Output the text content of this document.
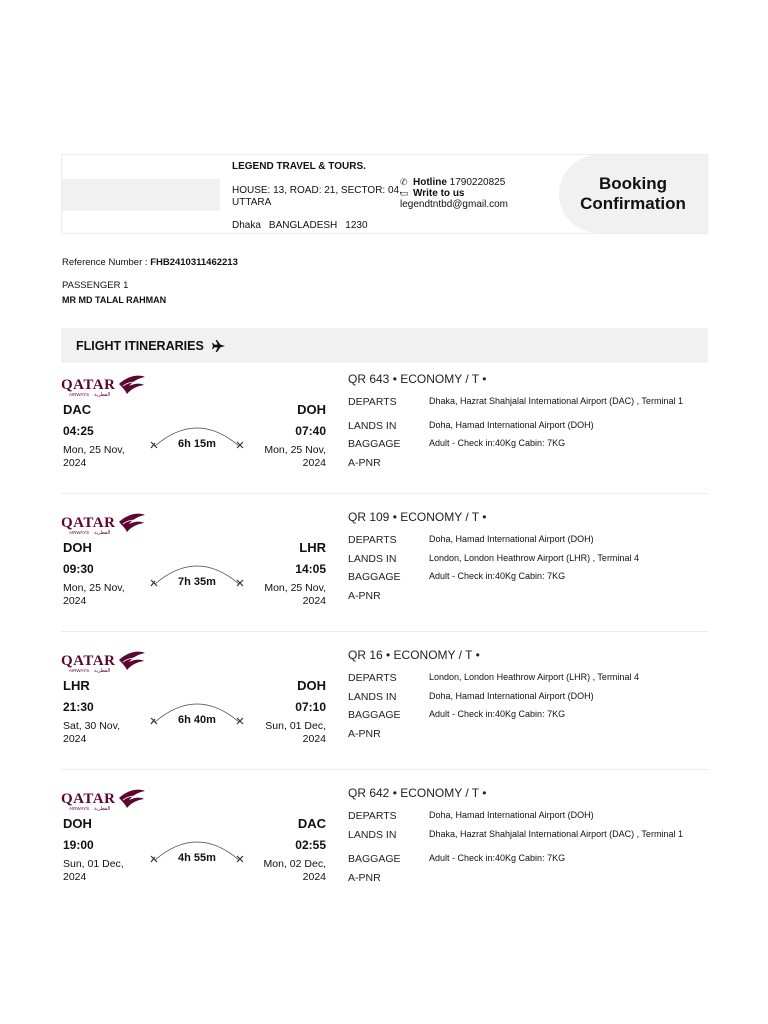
LEGEND TRAVEL & TOURS.
HOUSE: 13, ROAD: 21, SECTOR: 04, UTTARA
Dhaka BANGLADESH 1230
✆ Hotline 1790220825
▭ Write to us legendtntbd@gmail.com
Booking Confirmation
Reference Number : FHB2410311462213
PASSENGER 1
MR MD TALAL RAHMAN
FLIGHT ITINERARIES
QATAR
AIRWAYS القطرية
DAC	DOH
04:25	07:40
Mon, 25 Nov, 2024
Mon, 25 Nov, 2024
6h 15m
QR 643 • ECONOMY / T •
DEPARTS	Dhaka, Hazrat Shahjalal International Airport (DAC) , Terminal 1
LANDS IN	Doha, Hamad International Airport (DOH)
BAGGAGE	Adult - Check in:40Kg Cabin: 7KG
A-PNR
QATAR
AIRWAYS القطرية
DOH	LHR
09:30	14:05
Mon, 25 Nov, 2024
Mon, 25 Nov, 2024
7h 35m
QR 109 • ECONOMY / T •
DEPARTS	Doha, Hamad International Airport (DOH)
LANDS IN	London, London Heathrow Airport (LHR) , Terminal 4
BAGGAGE	Adult - Check in:40Kg Cabin: 7KG
A-PNR
QATAR
AIRWAYS القطرية
LHR	DOH
21:30	07:10
Sat, 30 Nov, 2024
Sun, 01 Dec, 2024
6h 40m
QR 16 • ECONOMY / T •
DEPARTS	London, London Heathrow Airport (LHR) , Terminal 4
LANDS IN	Doha, Hamad International Airport (DOH)
BAGGAGE	Adult - Check in:40Kg Cabin: 7KG
A-PNR
QATAR
AIRWAYS القطرية
DOH	DAC
19:00	02:55
Sun, 01 Dec, 2024
Mon, 02 Dec, 2024
4h 55m
QR 642 • ECONOMY / T •
DEPARTS	Doha, Hamad International Airport (DOH)
LANDS IN	Dhaka, Hazrat Shahjalal International Airport (DAC) , Terminal 1
BAGGAGE	Adult - Check in:40Kg Cabin: 7KG
A-PNR
